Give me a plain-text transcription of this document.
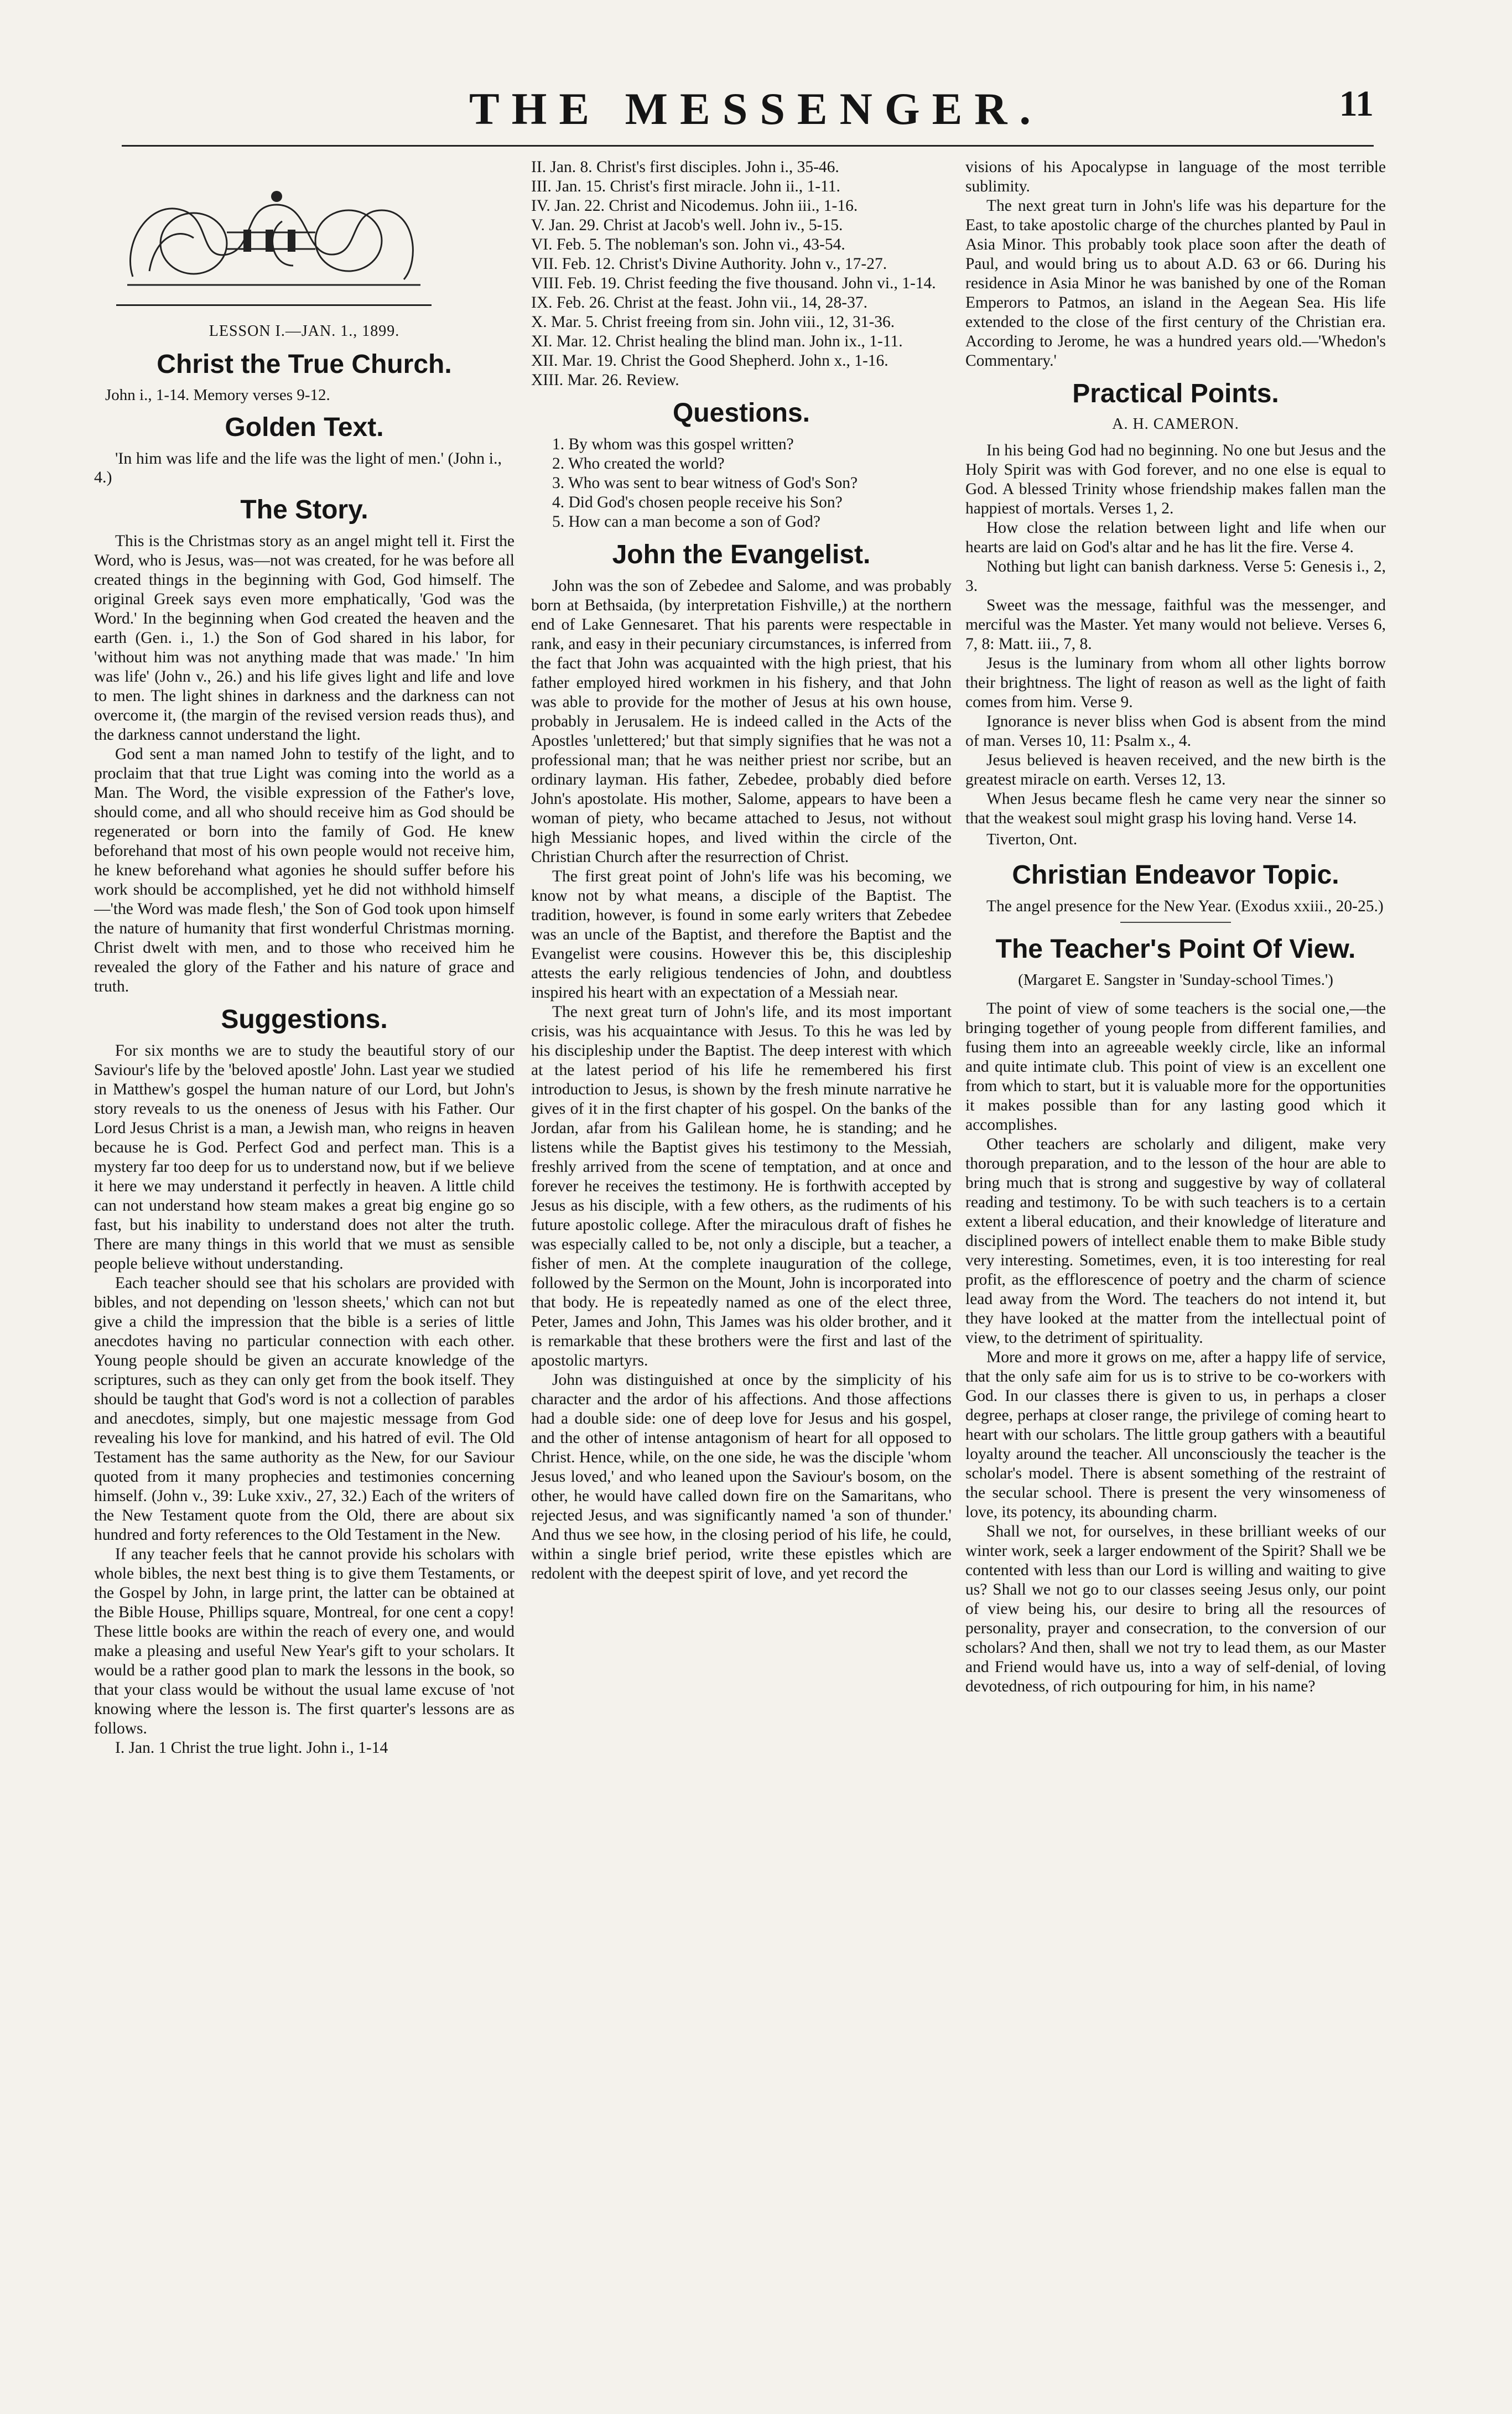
THE MESSENGER.	11
LESSON I.—JAN. 1., 1899.
Christ the True Church.
John i., 1-14. Memory verses 9-12.
Golden Text.
'In him was life and the life was the light of men.' (John i., 4.)
The Story.

This is the Christmas story as an angel might tell it. First the Word, who is Jesus, was—not was created, for he was before all created things in the beginning with God, God himself. The original Greek says even more emphatically, 'God was the Word.' In the beginning when God created the heaven and the earth (Gen. i., 1.) the Son of God shared in his labor, for 'without him was not anything made that was made.' 'In him was life' (John v., 26.) and his life gives light and life and love to men. The light shines in darkness and the darkness can not overcome it, (the margin of the revised version reads thus), and the darkness cannot understand the light.

God sent a man named John to testify of the light, and to proclaim that that true Light was coming into the world as a Man. The Word, the visible expression of the Father's love, should come, and all who should receive him as God should be regenerated or born into the family of God. He knew beforehand that most of his own people would not receive him, he knew beforehand what agonies he should suffer before his work should be accomplished, yet he did not withhold himself—'the Word was made flesh,' the Son of God took upon himself the nature of humanity that first wonderful Christmas morning. Christ dwelt with men, and to those who received him he revealed the glory of the Father and his nature of grace and truth.

Suggestions.

For six months we are to study the beautiful story of our Saviour's life by the 'beloved apostle' John. Last year we studied in Matthew's gospel the human nature of our Lord, but John's story reveals to us the oneness of Jesus with his Father. Our Lord Jesus Christ is a man, a Jewish man, who reigns in heaven because he is God. Perfect God and perfect man. This is a mystery far too deep for us to understand now, but if we believe it here we may understand it perfectly in heaven. A little child can not understand how steam makes a great big engine go so fast, but his inability to understand does not alter the truth. There are many things in this world that we must as sensible people believe without understanding.

Each teacher should see that his scholars are provided with bibles, and not depending on 'lesson sheets,' which can not but give a child the impression that the bible is a series of little anecdotes having no particular connection with each other. Young people should be given an accurate knowledge of the scriptures, such as they can only get from the book itself. They should be taught that God's word is not a collection of parables and anecdotes, simply, but one majestic message from God revealing his love for mankind, and his hatred of evil. The Old Testament has the same authority as the New, for our Saviour quoted from it many prophecies and testimonies concerning himself. (John v., 39: Luke xxiv., 27, 32.) Each of the writers of the New Testament quote from the Old, there are about six hundred and forty references to the Old Testament in the New.

If any teacher feels that he cannot provide his scholars with whole bibles, the next best thing is to give them Testaments, or the Gospel by John, in large print, the latter can be obtained at the Bible House, Phillips square, Montreal, for one cent a copy! These little books are within the reach of every one, and would make a pleasing and useful New Year's gift to your scholars. It would be a rather good plan to mark the lessons in the book, so that your class would be without the usual lame excuse of 'not knowing where the lesson is. The first quarter's lessons are as follows.

I. Jan. 1 Christ the true light. John i., 1-14

II. Jan. 8. Christ's first disciples. John i., 35-46.

III. Jan. 15. Christ's first miracle. John ii., 1-11.

IV. Jan. 22. Christ and Nicodemus. John iii., 1-16.

V. Jan. 29. Christ at Jacob's well. John iv., 5-15.

VI. Feb. 5. The nobleman's son. John vi., 43-54.

VII. Feb. 12. Christ's Divine Authority. John v., 17-27.

VIII. Feb. 19. Christ feeding the five thousand. John vi., 1-14.

IX. Feb. 26. Christ at the feast. John vii., 14, 28-37.

X. Mar. 5. Christ freeing from sin. John viii., 12, 31-36.

XI. Mar. 12. Christ healing the blind man. John ix., 1-11.

XII. Mar. 19. Christ the Good Shepherd. John x., 1-16.

XIII. Mar. 26. Review.

Questions.

1. By whom was this gospel written?

2. Who created the world?

3. Who was sent to bear witness of God's Son?

4. Did God's chosen people receive his Son?

5. How can a man become a son of God?

John the Evangelist.

John was the son of Zebedee and Salome, and was probably born at Bethsaida, (by interpretation Fishville,) at the northern end of Lake Gennesaret. That his parents were respectable in rank, and easy in their pecuniary circumstances, is inferred from the fact that John was acquainted with the high priest, that his father employed hired workmen in his fishery, and that John was able to provide for the mother of Jesus at his own house, probably in Jerusalem. He is indeed called in the Acts of the Apostles 'unlettered;' but that simply signifies that he was not a professional man; that he was neither priest nor scribe, but an ordinary layman. His father, Zebedee, probably died before John's apostolate. His mother, Salome, appears to have been a woman of piety, who became attached to Jesus, not without high Messianic hopes, and lived within the circle of the Christian Church after the resurrection of Christ.

The first great point of John's life was his becoming, we know not by what means, a disciple of the Baptist. The tradition, however, is found in some early writers that Zebedee was an uncle of the Baptist, and therefore the Baptist and the Evangelist were cousins. However this be, this discipleship attests the early religious tendencies of John, and doubtless inspired his heart with an expectation of a Messiah near.

The next great turn of John's life, and its most important crisis, was his acquaintance with Jesus. To this he was led by his discipleship under the Baptist. The deep interest with which at the latest period of his life he remembered his first introduction to Jesus, is shown by the fresh minute narrative he gives of it in the first chapter of his gospel. On the banks of the Jordan, afar from his Galilean home, he is standing; and he listens while the Baptist gives his testimony to the Messiah, freshly arrived from the scene of temptation, and at once and forever he receives the testimony. He is forthwith accepted by Jesus as his disciple, with a few others, as the rudiments of his future apostolic college. After the miraculous draft of fishes he was especially called to be, not only a disciple, but a teacher, a fisher of men. At the complete inauguration of the college, followed by the Sermon on the Mount, John is incorporated into that body. He is repeatedly named as one of the elect three, Peter, James and John, This James was his older brother, and it is remarkable that these brothers were the first and last of the apostolic martyrs.

John was distinguished at once by the simplicity of his character and the ardor of his affections. And those affections had a double side: one of deep love for Jesus and his gospel, and the other of intense antagonism of heart for all opposed to Christ. Hence, while, on the one side, he was the disciple 'whom Jesus loved,' and who leaned upon the Saviour's bosom, on the other, he would have called down fire on the Samaritans, who rejected Jesus, and was significantly named 'a son of thunder.' And thus we see how, in the closing period of his life, he could, within a single brief period, write these epistles which are redolent with the deepest spirit of love, and yet record the

visions of his Apocalypse in language of the most terrible sublimity.

The next great turn in John's life was his departure for the East, to take apostolic charge of the churches planted by Paul in Asia Minor. This probably took place soon after the death of Paul, and would bring us to about A.D. 63 or 66. During his residence in Asia Minor he was banished by one of the Roman Emperors to Patmos, an island in the Aegean Sea. His life extended to the close of the first century of the Christian era. According to Jerome, he was a hundred years old.—'Whedon's Commentary.'

Practical Points.
A. H. CAMERON.

In his being God had no beginning. No one but Jesus and the Holy Spirit was with God forever, and no one else is equal to God. A blessed Trinity whose friendship makes fallen man the happiest of mortals. Verses 1, 2.

How close the relation between light and life when our hearts are laid on God's altar and he has lit the fire. Verse 4.

Nothing but light can banish darkness. Verse 5: Genesis i., 2, 3.

Sweet was the message, faithful was the messenger, and merciful was the Master. Yet many would not believe. Verses 6, 7, 8: Matt. iii., 7, 8.

Jesus is the luminary from whom all other lights borrow their brightness. The light of reason as well as the light of faith comes from him. Verse 9.

Ignorance is never bliss when God is absent from the mind of man. Verses 10, 11: Psalm x., 4.

Jesus believed is heaven received, and the new birth is the greatest miracle on earth. Verses 12, 13.

When Jesus became flesh he came very near the sinner so that the weakest soul might grasp his loving hand. Verse 14.

Tiverton, Ont.
Christian Endeavor Topic.

The angel presence for the New Year. (Exodus xxiii., 20-25.)

The Teacher's Point Of View.
(Margaret E. Sangster in 'Sunday-school Times.')

The point of view of some teachers is the social one,—the bringing together of young people from different families, and fusing them into an agreeable weekly circle, like an informal and quite intimate club. This point of view is an excellent one from which to start, but it is valuable more for the opportunities it makes possible than for any lasting good which it accomplishes.

Other teachers are scholarly and diligent, make very thorough preparation, and to the lesson of the hour are able to bring much that is strong and suggestive by way of collateral reading and testimony. To be with such teachers is to a certain extent a liberal education, and their knowledge of literature and disciplined powers of intellect enable them to make Bible study very interesting. Sometimes, even, it is too interesting for real profit, as the efflorescence of poetry and the charm of science lead away from the Word. The teachers do not intend it, but they have looked at the matter from the intellectual point of view, to the detriment of spirituality.

More and more it grows on me, after a happy life of service, that the only safe aim for us is to strive to be co-workers with God. In our classes there is given to us, in perhaps a closer degree, perhaps at closer range, the privilege of coming heart to heart with our scholars. The little group gathers with a beautiful loyalty around the teacher. All unconsciously the teacher is the scholar's model. There is absent something of the restraint of the secular school. There is present the very winsomeness of love, its potency, its abounding charm.

Shall we not, for ourselves, in these brilliant weeks of our winter work, seek a larger endowment of the Spirit? Shall we be contented with less than our Lord is willing and waiting to give us? Shall we not go to our classes seeing Jesus only, our point of view being his, our desire to bring all the resources of personality, prayer and consecration, to the conversion of our scholars? And then, shall we not try to lead them, as our Master and Friend would have us, into a way of self-denial, of loving devotedness, of rich outpouring for him, in his name?
